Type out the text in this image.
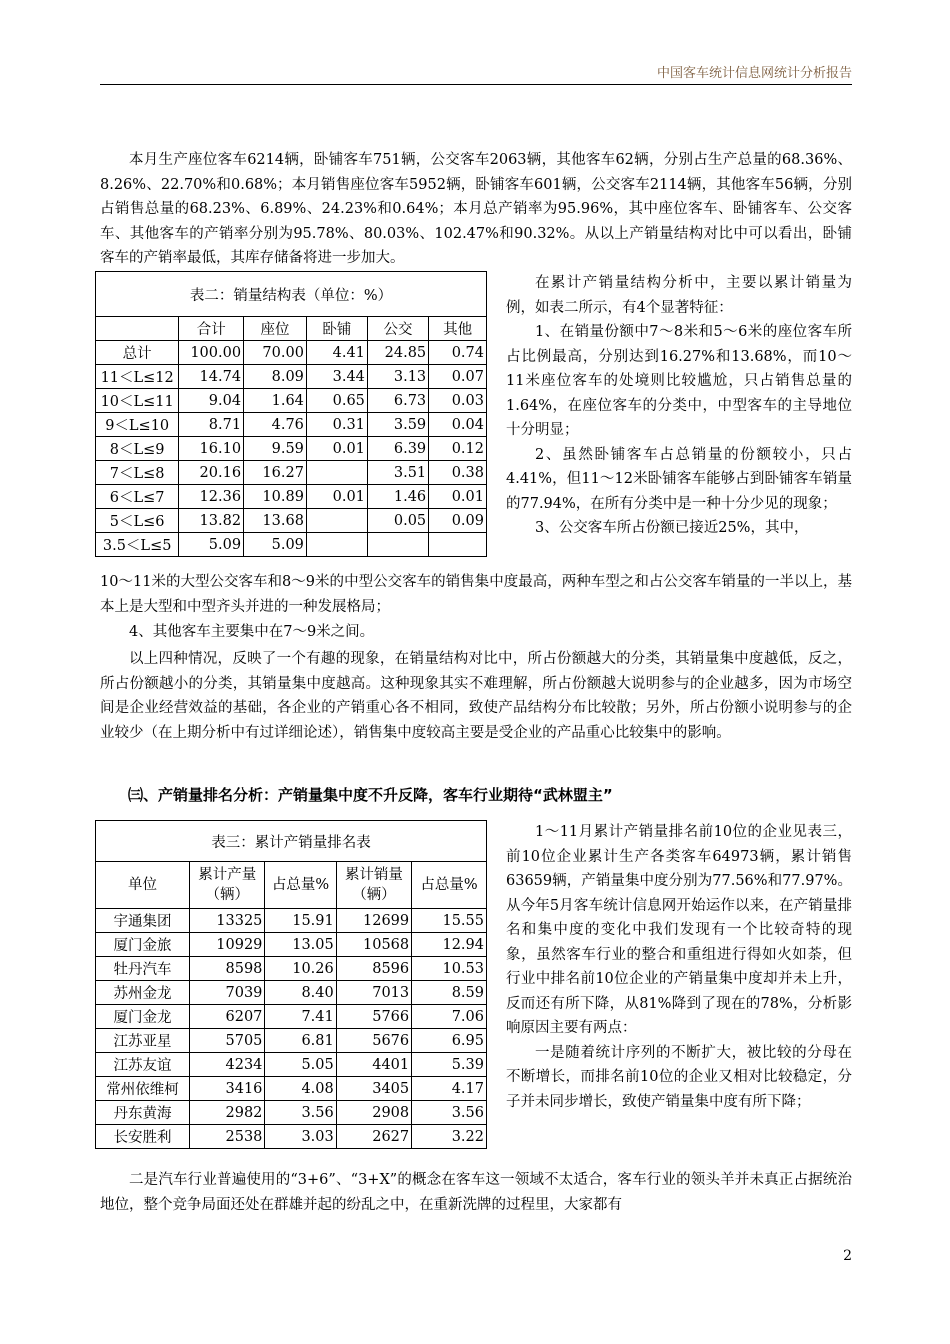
中国客车统计信息网统计分析报告

本月生产座位客车6214辆，卧铺客车751辆，公交客车2063辆，其他客车62辆，分别占生产总量的68.36%、8.26%、22.70%和0.68%；本月销售座位客车5952辆，卧铺客车601辆，公交客车2114辆，其他客车56辆，分别占销售总量的68.23%、6.89%、24.23%和0.64%；本月总产销率为95.96%，其中座位客车、卧铺客车、公交客车、其他客车的产销率分别为95.78%、80.03%、102.47%和90.32%。从以上产销量结构对比中可以看出，卧铺客车的产销率最低，其库存储备将进一步加大。

表二：销量结构表（单位：%）					
	合计	座位	卧铺	公交	其他
总计	100.00	70.00	4.41	24.85	0.74
11＜L≤12	14.74	8.09	3.44	3.13	0.07
10＜L≤11	9.04	1.64	0.65	6.73	0.03
9＜L≤10	8.71	4.76	0.31	3.59	0.04
8＜L≤9	16.10	9.59	0.01	6.39	0.12
7＜L≤8	20.16	16.27		3.51	0.38
6＜L≤7	12.36	10.89	0.01	1.46	0.01
5＜L≤6	13.82	13.68		0.05	0.09
3.5＜L≤5	5.09	5.09			

在累计产销量结构分析中，主要以累计销量为例，如表二所示，有4个显著特征：

1、在销量份额中7～8米和5～6米的座位客车所占比例最高，分别达到16.27%和13.68%，而10～11米座位客车的处境则比较尴尬，只占销售总量的1.64%，在座位客车的分类中，中型客车的主导地位十分明显；

2、虽然卧铺客车占总销量的份额较小，只占4.41%，但11～12米卧铺客车能够占到卧铺客车销量的77.94%，在所有分类中是一种十分少见的现象；

3、公交客车所占份额已接近25%，其中，

10～11米的大型公交客车和8～9米的中型公交客车的销售集中度最高，两种车型之和占公交客车销量的一半以上，基本上是大型和中型齐头并进的一种发展格局；

4、其他客车主要集中在7～9米之间。

以上四种情况，反映了一个有趣的现象，在销量结构对比中，所占份额越大的分类，其销量集中度越低，反之，所占份额越小的分类，其销量集中度越高。这种现象其实不难理解，所占份额越大说明参与的企业越多，因为市场空间是企业经营效益的基础，各企业的产销重心各不相同，致使产品结构分布比较散；另外，所占份额小说明参与的企业较少（在上期分析中有过详细论述），销售集中度较高主要是受企业的产品重心比较集中的影响。

㈢、产销量排名分析：产销量集中度不升反降，客车行业期待“武林盟主”
表三：累计产销量排名表				
单位	累计产量（辆）	占总量%	累计销量（辆）	占总量%
宇通集团	13325	15.91	12699	15.55
厦门金旅	10929	13.05	10568	12.94
牡丹汽车	8598	10.26	8596	10.53
苏州金龙	7039	8.40	7013	8.59
厦门金龙	6207	7.41	5766	7.06
江苏亚星	5705	6.81	5676	6.95
江苏友谊	4234	5.05	4401	5.39
常州依维柯	3416	4.08	3405	4.17
丹东黄海	2982	3.56	2908	3.56
长安胜利	2538	3.03	2627	3.22

1～11月累计产销量排名前10位的企业见表三，前10位企业累计生产各类客车64973辆，累计销售63659辆，产销量集中度分别为77.56%和77.97%。从今年5月客车统计信息网开始运作以来，在产销量排名和集中度的变化中我们发现有一个比较奇特的现象，虽然客车行业的整合和重组进行得如火如荼，但行业中排名前10位企业的产销量集中度却并未上升，反而还有所下降，从81%降到了现在的78%，分析影响原因主要有两点：

一是随着统计序列的不断扩大，被比较的分母在不断增长，而排名前10位的企业又相对比较稳定，分子并未同步增长，致使产销量集中度有所下降；

二是汽车行业普遍使用的“3+6”、“3+X”的概念在客车这一领域不太适合，客车行业的领头羊并未真正占据统治地位，整个竞争局面还处在群雄并起的纷乱之中，在重新洗牌的过程里，大家都有

2
